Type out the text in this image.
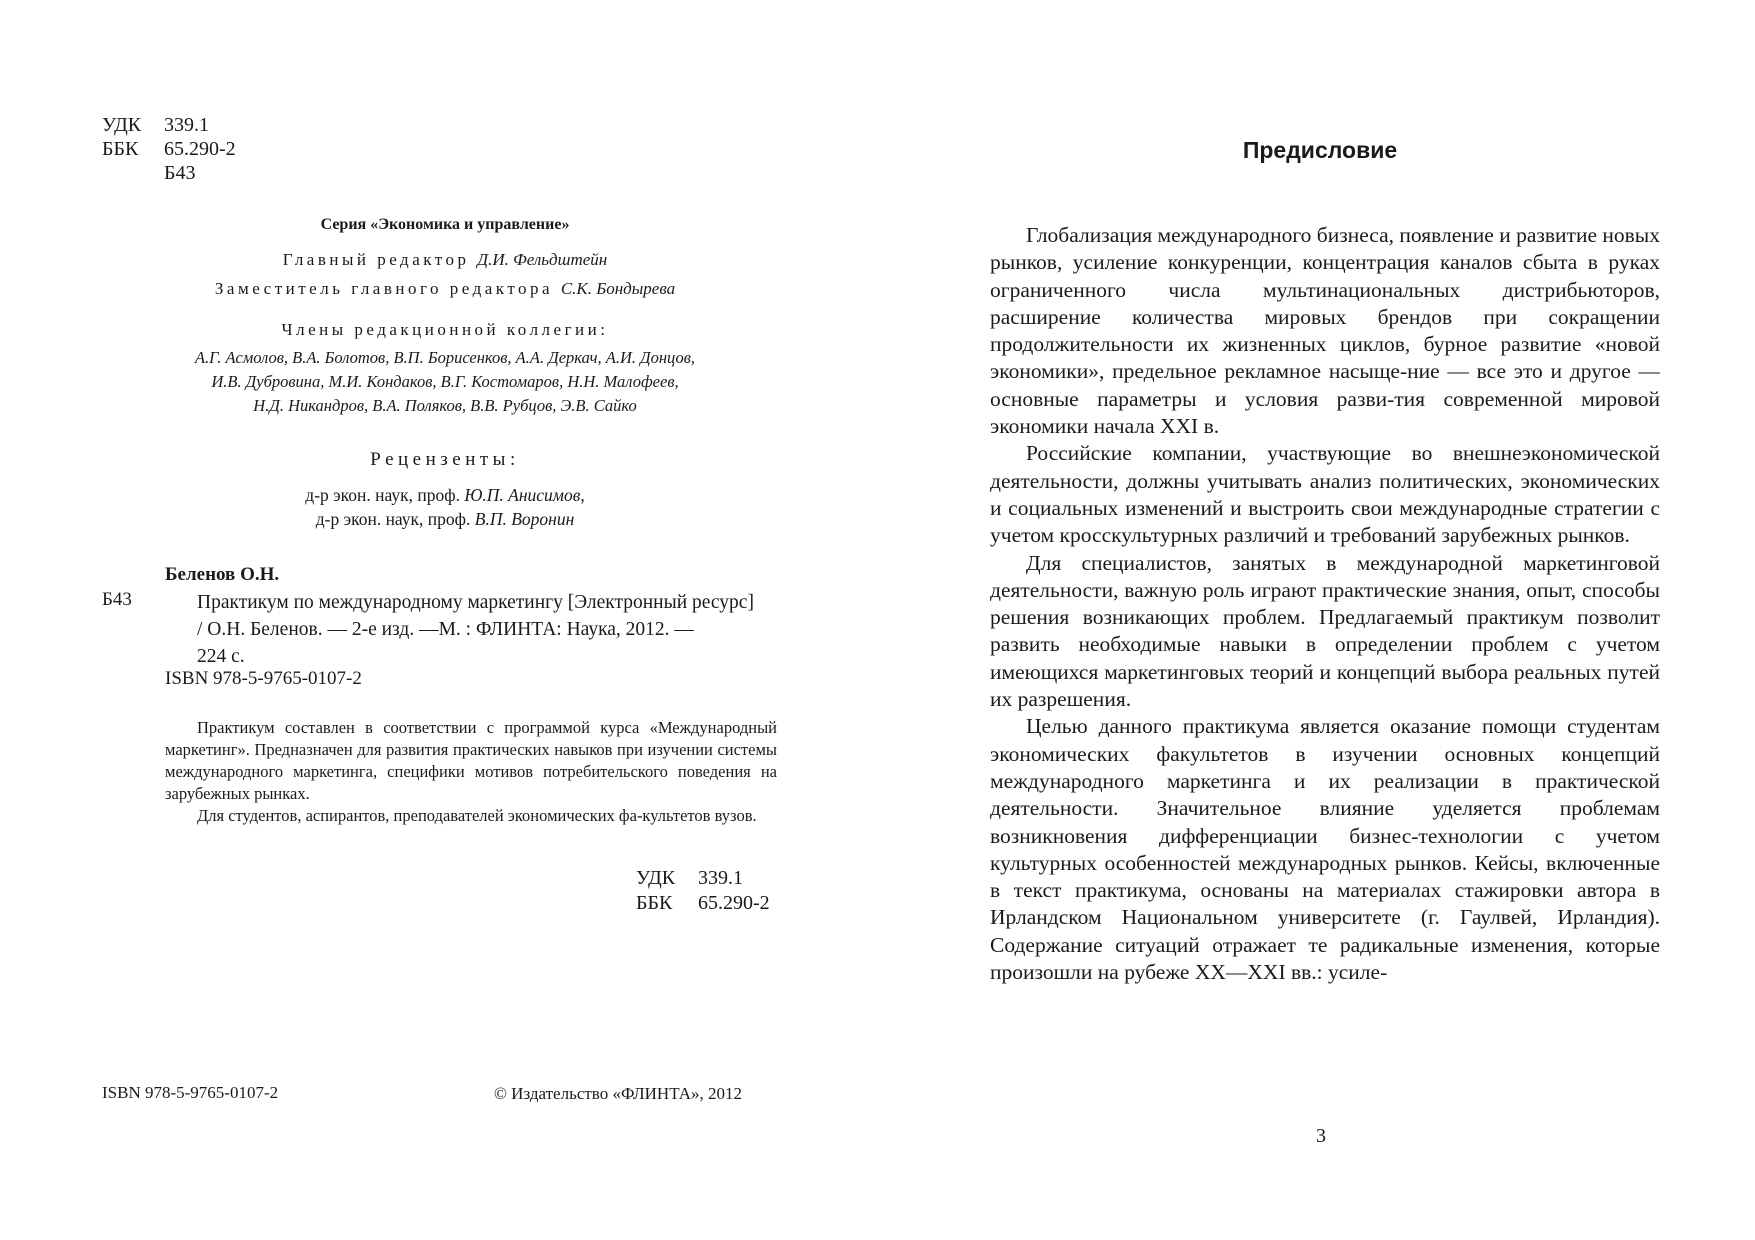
УДК	339.1
ББК	65.290-2
Б43
Серия «Экономика и управление»
Главный редактор Д.И. Фельдштейн
Заместитель главного редактора С.К. Бондырева
Члены редакционной коллегии:
А.Г. Асмолов, В.А. Болотов, В.П. Борисенков, А.А. Деркач, А.И. Донцов,
И.В. Дубровина, М.И. Кондаков, В.Г. Костомаров, Н.Н. Малофеев,
Н.Д. Никандров, В.А. Поляков, В.В. Рубцов, Э.В. Сайко
Рецензенты:
д-р экон. наук, проф. Ю.П. Анисимов,
д-р экон. наук, проф. В.П. Воронин
Беленов О.Н.
Б43	Практикум по международному маркетингу [Электронный ресурс]
/ О.Н. Беленов. — 2-е изд. —М. : ФЛИНТА: Наука, 2012. —
224 с.
ISBN 978-5-9765-0107-2

Практикум составлен в соответствии с программой курса «Международный маркетинг». Предназначен для развития практических навыков при изучении системы международного маркетинга, специфики мотивов потребительского поведения на зарубежных рынках.

Для студентов, аспирантов, преподавателей экономических фа-культетов вузов.

УДК	339.1
ББК	65.290-2
ISBN 978-5-9765-0107-2	© Издательство «ФЛИНТА», 2012
Предисловие

Глобализация международного бизнеса, появление и развитие новых рынков, усиление конкуренции, концентрация каналов сбыта в руках ограниченного числа мультинациональных дистрибьюторов, расширение количества мировых брендов при сокращении продолжительности их жизненных циклов, бурное развитие «новой экономики», предельное рекламное насыще-ние — все это и другое — основные параметры и условия разви-тия современной мировой экономики начала XXI в.

Российские компании, участвующие во внешнеэкономической деятельности, должны учитывать анализ политических, экономических и социальных изменений и выстроить свои международные стратегии с учетом кросскультурных различий и требований зарубежных рынков.

Для специалистов, занятых в международной маркетинговой деятельности, важную роль играют практические знания, опыт, способы решения возникающих проблем. Предлагаемый практикум позволит развить необходимые навыки в определении проблем с учетом имеющихся маркетинговых теорий и концепций выбора реальных путей их разрешения.

Целью данного практикума является оказание помощи студентам экономических факультетов в изучении основных концепций международного маркетинга и их реализации в практической деятельности. Значительное влияние уделяется проблемам возникновения дифференциации бизнес-технологии с учетом культурных особенностей международных рынков. Кейсы, включенные в текст практикума, основаны на материалах стажировки автора в Ирландском Национальном университете (г. Гаулвей, Ирландия). Содержание ситуаций отражает те радикальные изменения, которые произошли на рубеже XX—XXI вв.: усиле-

3
